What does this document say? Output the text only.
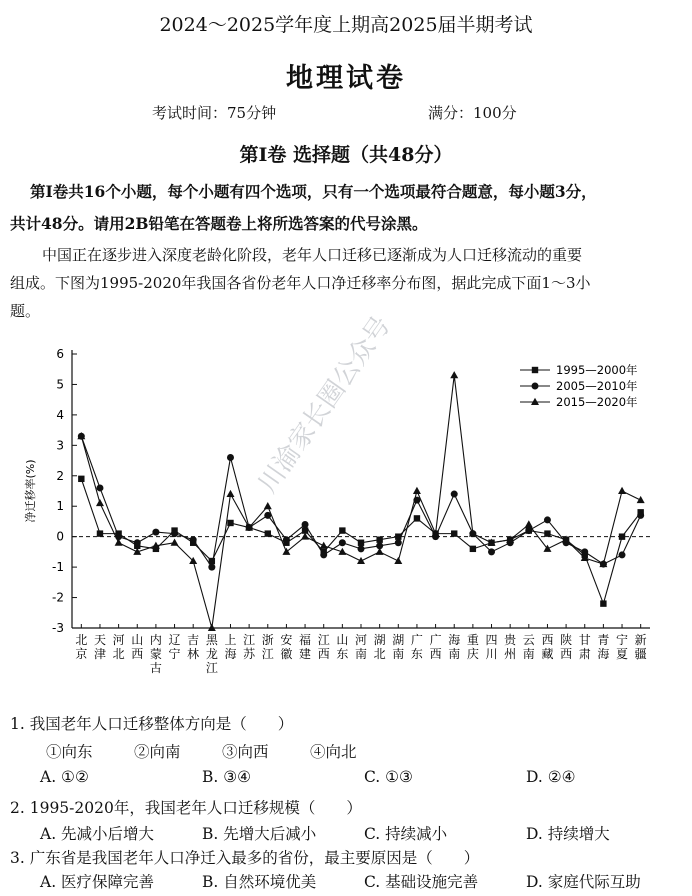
2024～2025学年度上期高2025届半期考试
地理试卷
考试时间：75分钟	满分：100分
第I卷 选择题（共48分）
第I卷共16个小题，每个小题有四个选项，只有一个选项最符合题意，每小题3分，
共计48分。请用2B铅笔在答题卷上将所选答案的代号涂黑。
中国正在逐步进入深度老龄化阶段，老年人口迁移已逐渐成为人口迁移流动的重要
组成。下图为1995-2020年我国各省份老年人口净迁移率分布图，据此完成下面1～3小
题。
6
5
4
3
2
1
0
-1
-2
-3
净迁移率(%)
北京
天津
河北
山西
内蒙古
辽宁
吉林
黑龙江
上海
江苏
浙江
安徽
福建
江西
山东
河南
湖北
湖南
广东
广西
海南
重庆
四川
贵州
云南
西藏
陕西
甘肃
青海
宁夏
新疆
1995—2000年
2005—2010年
2015—2020年
川渝家长圈公众号
1. 我国老年人口迁移整体方向是（　　）
①向东	②向南	③向西	④向北
A. ①②	B. ③④	C. ①③	D. ②④
2. 1995-2020年，我国老年人口迁移规模（　　）
A. 先减小后增大	B. 先增大后减小	C. 持续减小	D. 持续增大
3. 广东省是我国老年人口净迁入最多的省份，最主要原因是（　　）
A. 医疗保障完善	B. 自然环境优美	C. 基础设施完善	D. 家庭代际互助
